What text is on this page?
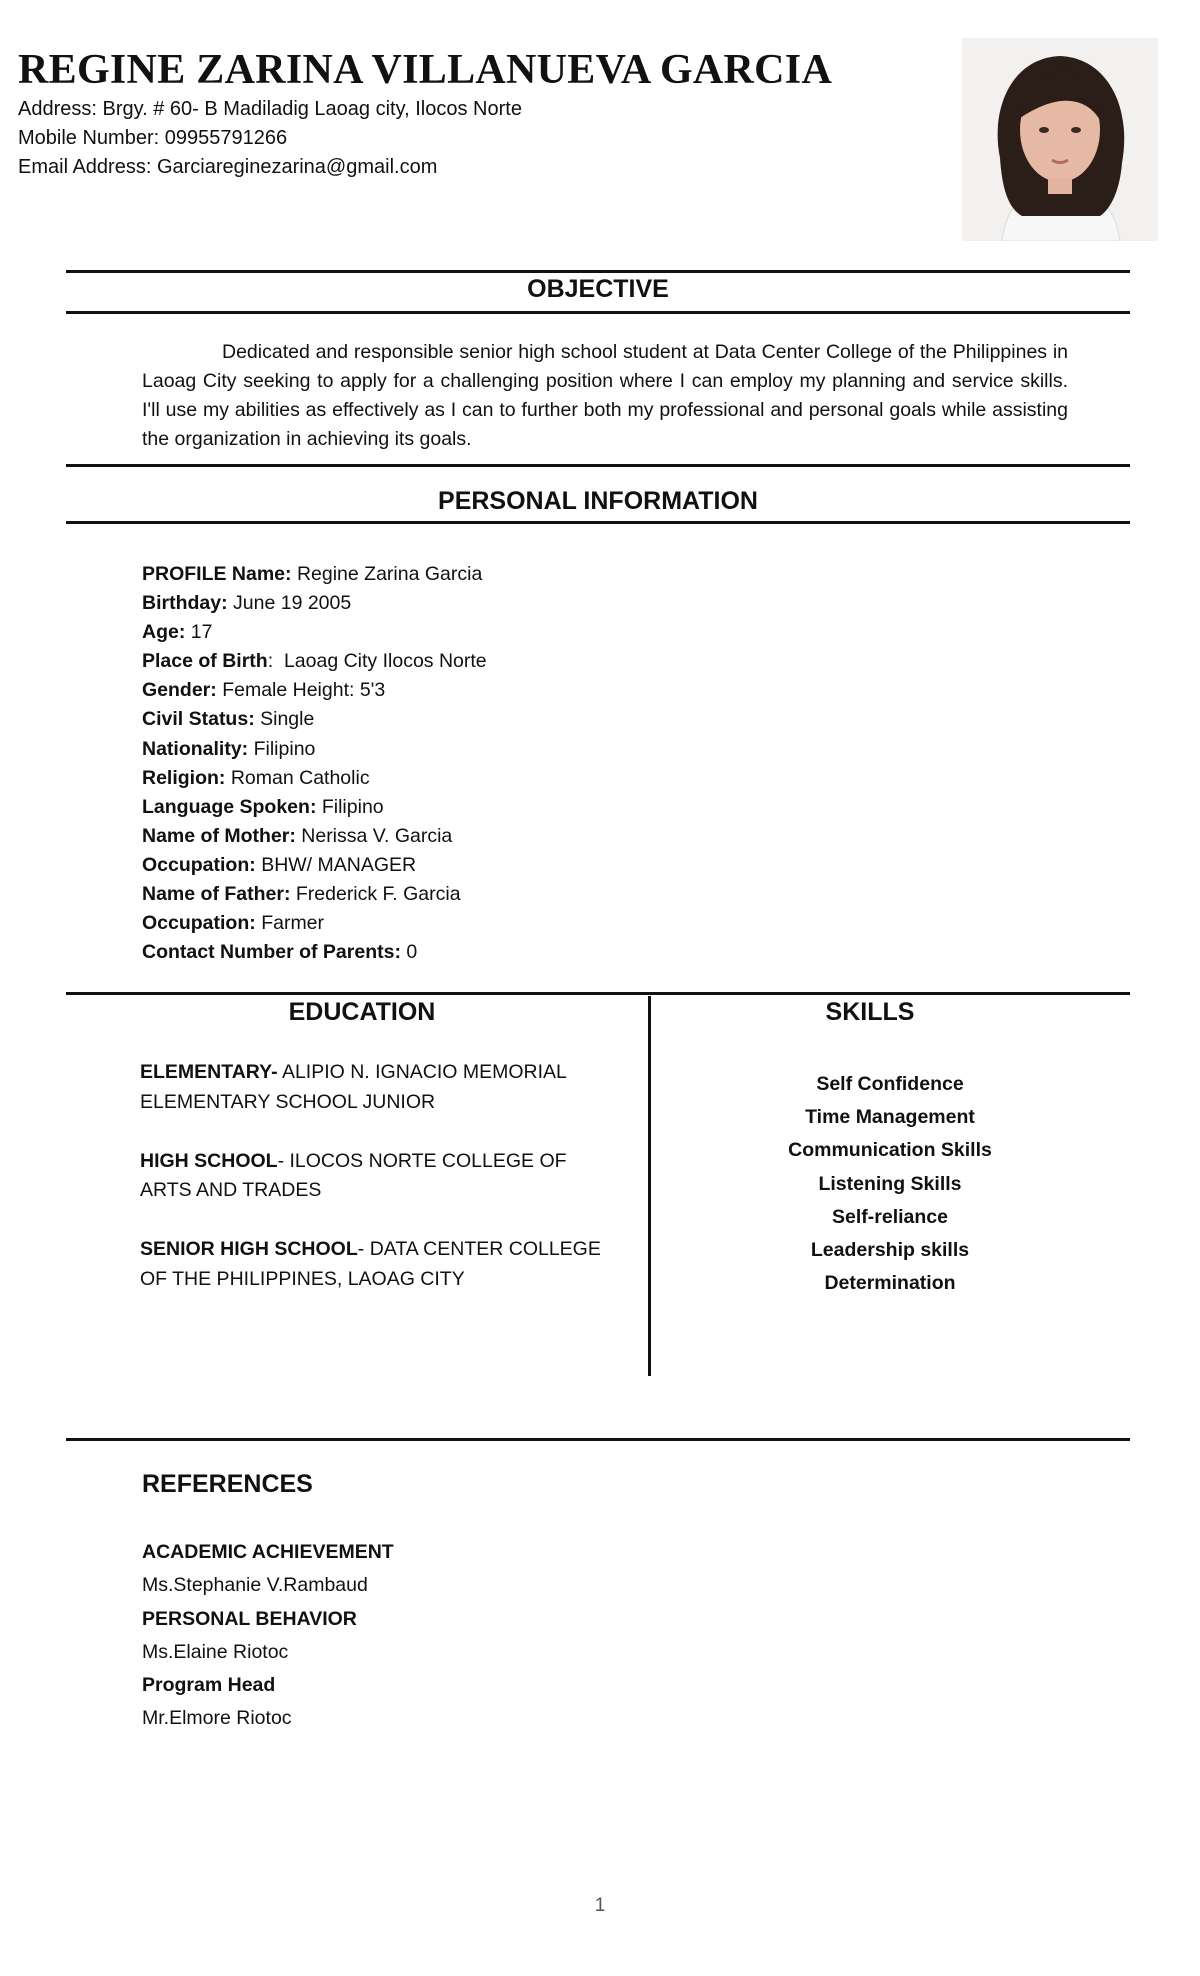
REGINE ZARINA VILLANUEVA GARCIA
Address: Brgy. # 60- B Madiladig Laoag city, Ilocos Norte
Mobile Number: 09955791266
Email Address: Garciareginezarina@gmail.com
OBJECTIVE
Dedicated and responsible senior high school student at Data Center College of the Philippines in Laoag City seeking to apply for a challenging position where I can employ my planning and service skills. I'll use my abilities as effectively as I can to further both my professional and personal goals while assisting the organization in achieving its goals.
PERSONAL INFORMATION
PROFILE Name: Regine Zarina Garcia
Birthday: June 19 2005
Age: 17
Place of Birth:  Laoag City Ilocos Norte
Gender: Female Height: 5'3
Civil Status: Single
Nationality: Filipino
Religion: Roman Catholic
Language Spoken: Filipino
Name of Mother: Nerissa V. Garcia
Occupation: BHW/ MANAGER
Name of Father: Frederick F. Garcia
Occupation: Farmer
Contact Number of Parents: 0
EDUCATION	SKILLS
ELEMENTARY- ALIPIO N. IGNACIO MEMORIAL ELEMENTARY SCHOOL JUNIOR
HIGH SCHOOL- ILOCOS NORTE COLLEGE OF ARTS AND TRADES
SENIOR HIGH SCHOOL- DATA CENTER COLLEGE OF THE PHILIPPINES, LAOAG CITY
Self Confidence
Time Management
Communication Skills
Listening Skills
Self-reliance
Leadership skills
Determination
REFERENCES
ACADEMIC ACHIEVEMENT
Ms.Stephanie V.Rambaud
PERSONAL BEHAVIOR
Ms.Elaine Riotoc
Program Head
Mr.Elmore Riotoc
1
